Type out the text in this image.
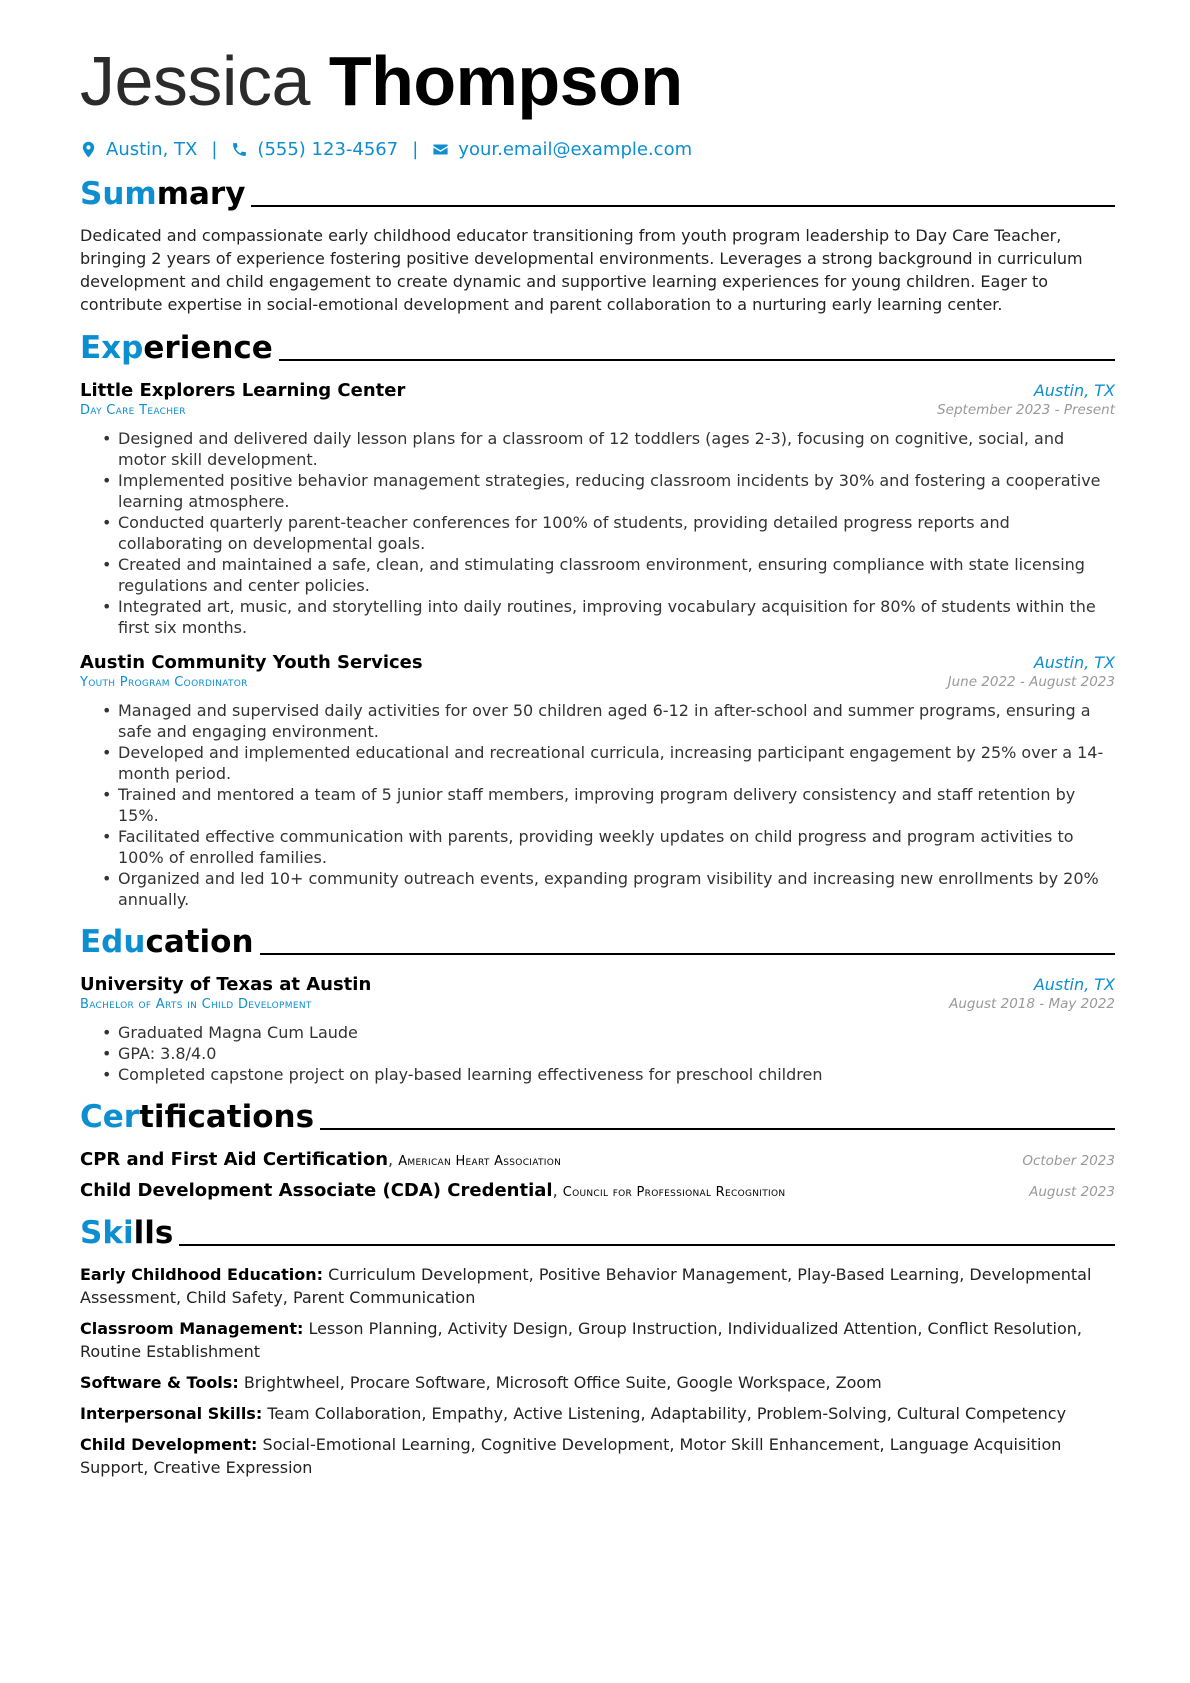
Jessica Thompson
Austin, TX | (555) 123-4567 | your.email@example.com
Summary

Dedicated and compassionate early childhood educator transitioning from youth program leadership to Day Care Teacher, bringing 2 years of experience fostering positive developmental environments. Leverages a strong background in curriculum development and child engagement to create dynamic and supportive learning experiences for young children. Eager to contribute expertise in social-emotional development and parent collaboration to a nurturing early learning center.

Experience
Little Explorers Learning Center	Austin, TX
Day Care Teacher	September 2023 - Present
• Designed and delivered daily lesson plans for a classroom of 12 toddlers (ages 2-3), focusing on cognitive, social, and motor skill development.
• Implemented positive behavior management strategies, reducing classroom incidents by 30% and fostering a cooperative learning atmosphere.
• Conducted quarterly parent-teacher conferences for 100% of students, providing detailed progress reports and collaborating on developmental goals.
• Created and maintained a safe, clean, and stimulating classroom environment, ensuring compliance with state licensing regulations and center policies.
• Integrated art, music, and storytelling into daily routines, improving vocabulary acquisition for 80% of students within the first six months.
Austin Community Youth Services	Austin, TX
Youth Program Coordinator	June 2022 - August 2023
• Managed and supervised daily activities for over 50 children aged 6-12 in after-school and summer programs, ensuring a safe and engaging environment.
• Developed and implemented educational and recreational curricula, increasing participant engagement by 25% over a 14-month period.
• Trained and mentored a team of 5 junior staff members, improving program delivery consistency and staff retention by 15%.
• Facilitated effective communication with parents, providing weekly updates on child progress and program activities to 100% of enrolled families.
• Organized and led 10+ community outreach events, expanding program visibility and increasing new enrollments by 20% annually.
Education
University of Texas at Austin	Austin, TX
Bachelor of Arts in Child Development	August 2018 - May 2022
• Graduated Magna Cum Laude
• GPA: 3.8/4.0
• Completed capstone project on play-based learning effectiveness for preschool children
Certifications
CPR and First Aid Certification, American Heart Association	October 2023
Child Development Associate (CDA) Credential, Council for Professional Recognition	August 2023
Skills
Early Childhood Education: Curriculum Development, Positive Behavior Management, Play-Based Learning, Developmental Assessment, Child Safety, Parent Communication
Classroom Management: Lesson Planning, Activity Design, Group Instruction, Individualized Attention, Conflict Resolution, Routine Establishment
Software & Tools: Brightwheel, Procare Software, Microsoft Office Suite, Google Workspace, Zoom
Interpersonal Skills: Team Collaboration, Empathy, Active Listening, Adaptability, Problem-Solving, Cultural Competency
Child Development: Social-Emotional Learning, Cognitive Development, Motor Skill Enhancement, Language Acquisition Support, Creative Expression
